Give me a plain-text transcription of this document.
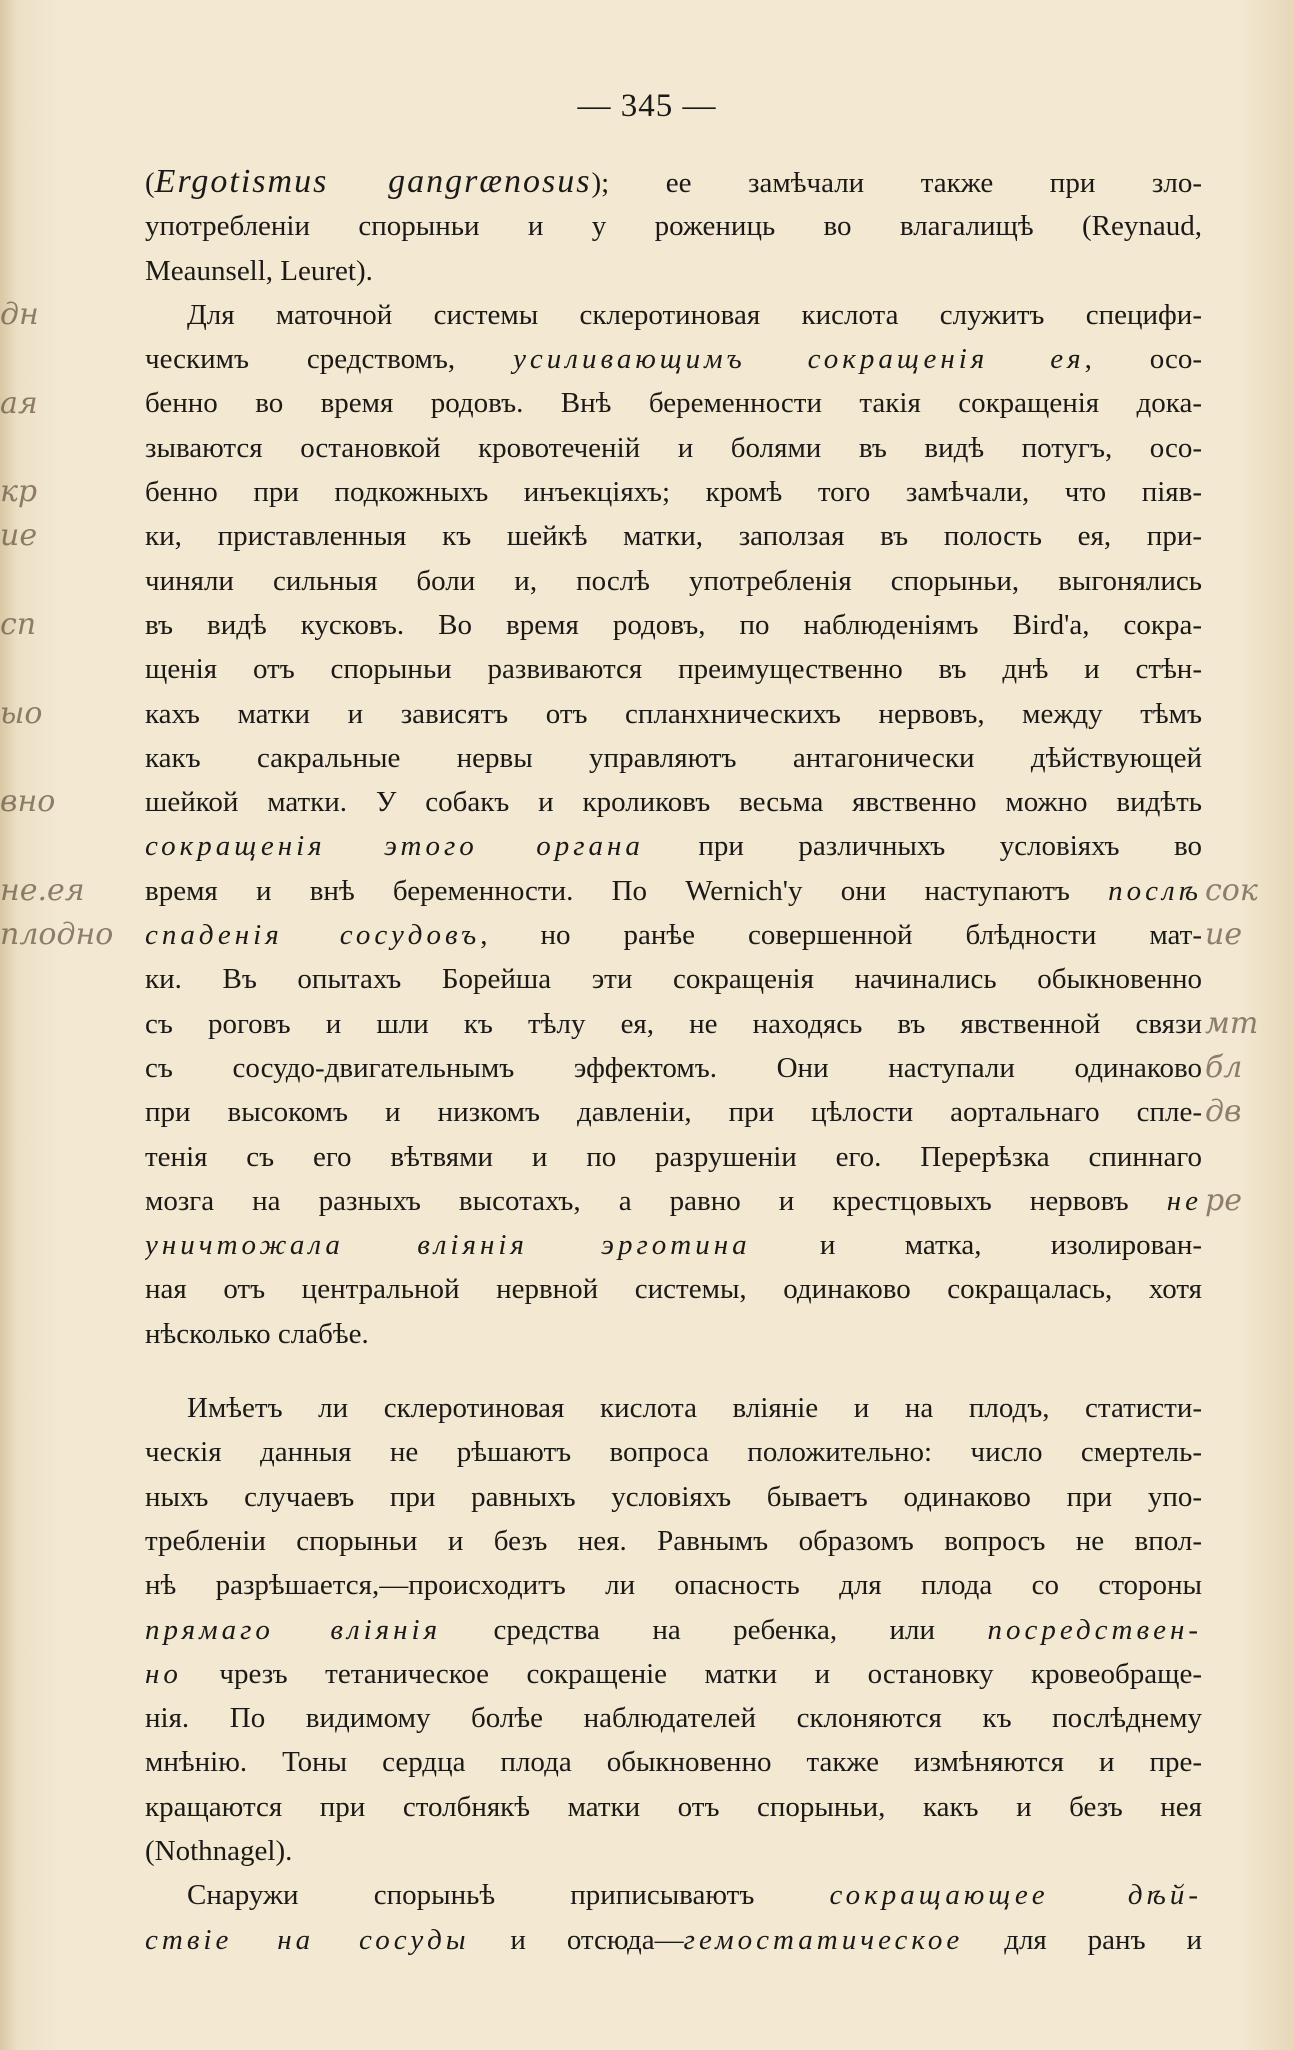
— 345 —
(Ergotismus gangrænosus); ее замѣчали также при зло-
употребленіи спорыньи и у рожениць во влагалищѣ (Reynaud,
Meaunsell, Leuret).
Для маточной системы склеротиновая кислота служитъ специфи-
ческимъ средствомъ, усиливающимъ сокращенія ея, осо-
бенно во время родовъ. Внѣ беременности такія сокращенія дока-
зываются остановкой кровотеченій и болями въ видѣ потугъ, осо-
бенно при подкожныхъ инъекціяхъ; кромѣ того замѣчали, что піяв-
ки, приставленныя къ шейкѣ матки, заползая въ полость ея, при-
чиняли сильныя боли и, послѣ употребленія спорыньи, выгонялись
въ видѣ кусковъ. Во время родовъ, по наблюденіямъ Bird'a, сокра-
щенія отъ спорыньи развиваются преимущественно въ днѣ и стѣн-
кахъ матки и зависятъ отъ спланхническихъ нервовъ, между тѣмъ
какъ сакральные нервы управляютъ антагонически дѣйствующей
шейкой матки. У собакъ и кроликовъ весьма явственно можно видѣть
сокращенія этого органа при различныхъ условіяхъ во
время и внѣ беременности. По Wernich'у они наступаютъ послѣ
спаденія сосудовъ, но ранѣе совершенной блѣдности мат-
ки. Въ опытахъ Борейша эти сокращенія начинались обыкновенно
съ роговъ и шли къ тѣлу ея, не находясь въ явственной связи
съ сосудо-двигательнымъ эффектомъ. Они наступали одинаково
при высокомъ и низкомъ давленіи, при цѣлости аортальнаго спле-
тенія съ его вѣтвями и по разрушеніи его. Перерѣзка спиннаго
мозга на разныхъ высотахъ, а равно и крестцовыхъ нервовъ не
уничтожала вліянія эрготина и матка, изолирован-
ная отъ центральной нервной системы, одинаково сокращалась, хотя
нѣсколько слабѣе.
Имѣетъ ли склеротиновая кислота вліяніе и на плодъ, статисти-
ческія данныя не рѣшаютъ вопроса положительно: число смертель-
ныхъ случаевъ при равныхъ условіяхъ бываетъ одинаково при упо-
требленіи спорыньи и безъ нея. Равнымъ образомъ вопросъ не впол-
нѣ разрѣшается,—происходитъ ли опасность для плода со стороны
прямаго вліянія средства на ребенка, или посредствен-
но чрезъ тетаническое сокращеніе матки и остановку кровеобраще-
нія. По видимому болѣе наблюдателей склоняются къ послѣднему
мнѣнію. Тоны сердца плода обыкновенно также измѣняются и пре-
кращаются при столбнякѣ матки отъ спорыньи, какъ и безъ нея
(Nothnagel).
Снаружи спорыньѣ приписываютъ сокращающее дѣй-
ствіе на сосуды и отсюда—гемостатическое для ранъ и
дн
ая
кр
ие
сп
ыо
вно
не.ея
плодно
сок
ие
мт
бл
дв
ре
